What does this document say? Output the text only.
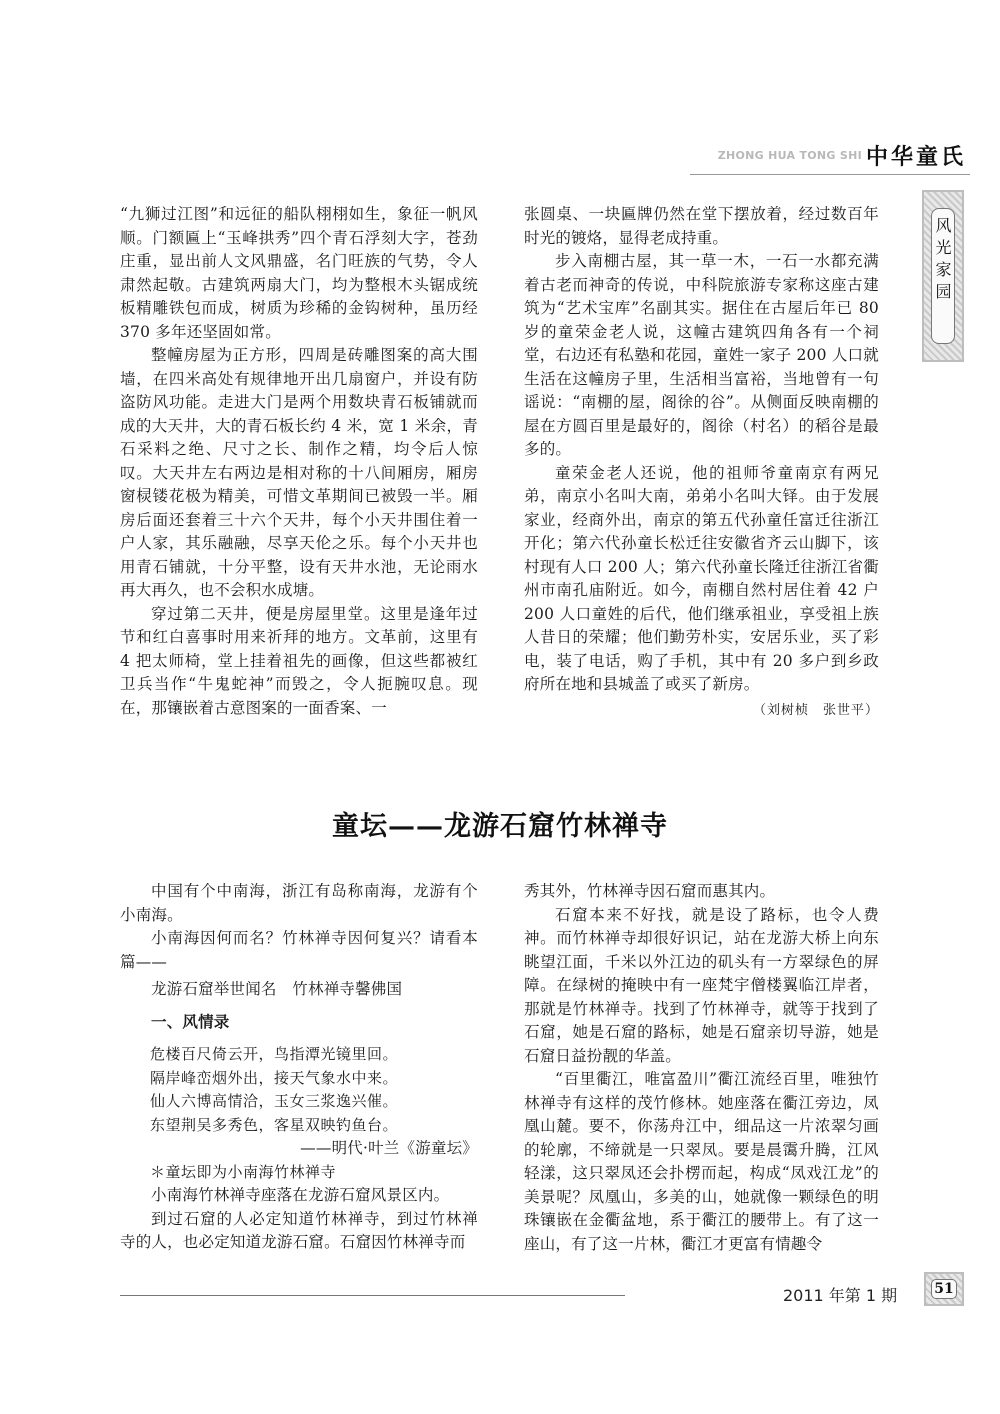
ZHONG HUA TONG SHI 中华童氏
风光家园

“九狮过江图”和远征的船队栩栩如生，象征一帆风顺。门额匾上“玉峰拱秀”四个青石浮刻大字，苍劲庄重，显出前人文风鼎盛，名门旺族的气势，令人肃然起敬。古建筑两扇大门，均为整根木头锯成统板精雕铁包而成，树质为珍稀的金钩树种，虽历经 370 多年还坚固如常。

整幢房屋为正方形，四周是砖雕图案的高大围墙，在四米高处有规律地开出几扇窗户，并设有防盗防风功能。走进大门是两个用数块青石板铺就而成的大天井，大的青石板长约 4 米，宽 1 米余，青石采料之绝、尺寸之长、制作之精，均令后人惊叹。大天井左右两边是相对称的十八间厢房，厢房窗棂镂花极为精美，可惜文革期间已被毁一半。厢房后面还套着三十六个天井，每个小天井围住着一户人家，其乐融融，尽享天伦之乐。每个小天井也用青石铺就，十分平整，设有天井水池，无论雨水再大再久，也不会积水成塘。

穿过第二天井，便是房屋里堂。这里是逢年过节和红白喜事时用来祈拜的地方。文革前，这里有 4 把太师椅，堂上挂着祖先的画像，但这些都被红卫兵当作“牛鬼蛇神”而毁之，令人扼腕叹息。现在，那镶嵌着古意图案的一面香案、一

张圆桌、一块匾牌仍然在堂下摆放着，经过数百年时光的镀烙，显得老成持重。

步入南棚古屋，其一草一木，一石一水都充满着古老而神奇的传说，中科院旅游专家称这座古建筑为“艺术宝库”名副其实。据住在古屋后年已 80 岁的童荣金老人说，这幢古建筑四角各有一个祠堂，右边还有私塾和花园，童姓一家子 200 人口就生活在这幢房子里，生活相当富裕，当地曾有一句谣说：“南棚的屋，阁徐的谷”。从侧面反映南棚的屋在方圆百里是最好的，阁徐（村名）的稻谷是最多的。

童荣金老人还说，他的祖师爷童南京有两兄弟，南京小名叫大南，弟弟小名叫大铎。由于发展家业，经商外出，南京的第五代孙童任富迁往浙江开化；第六代孙童长松迁往安徽省齐云山脚下，该村现有人口 200 人；第六代孙童长隆迁往浙江省衢州市南孔庙附近。如今，南棚自然村居住着 42 户 200 人口童姓的后代，他们继承祖业，享受祖上族人昔日的荣耀；他们勤劳朴实，安居乐业，买了彩电，装了电话，购了手机，其中有 20 多户到乡政府所在地和县城盖了或买了新房。

（刘树桢　张世平）

童坛——龙游石窟竹林禅寺

中国有个中南海，浙江有岛称南海，龙游有个小南海。

小南海因何而名？竹林禅寺因何复兴？请看本篇——

龙游石窟举世闻名　竹林禅寺馨佛国

一、风情录

危楼百尺倚云开，鸟指潭光镜里回。

隔岸峰峦烟外出，接天气象水中来。

仙人六博高情洽，玉女三浆逸兴催。

东望荆吴多秀色，客星双映钓鱼台。

——明代·叶兰《游童坛》

＊童坛即为小南海竹林禅寺

小南海竹林禅寺座落在龙游石窟风景区内。

到过石窟的人必定知道竹林禅寺，到过竹林禅寺的人，也必定知道龙游石窟。石窟因竹林禅寺而

秀其外，竹林禅寺因石窟而惠其内。

石窟本来不好找，就是设了路标，也令人费神。而竹林禅寺却很好识记，站在龙游大桥上向东眺望江面，千米以外江边的矶头有一方翠绿色的屏障。在绿树的掩映中有一座梵宇僧楼翼临江岸者，那就是竹林禅寺。找到了竹林禅寺，就等于找到了石窟，她是石窟的路标，她是石窟亲切导游，她是石窟日益扮靓的华盖。

“百里衢江，唯富盈川”衢江流经百里，唯独竹林禅寺有这样的茂竹修林。她座落在衢江旁边，凤凰山麓。要不，你荡舟江中，细品这一片浓翠匀画的轮廓，不缔就是一只翠凤。要是晨霭升腾，江风轻漾，这只翠凤还会扑楞而起，构成“凤戏江龙”的美景呢？凤凰山，多美的山，她就像一颗绿色的明珠镶嵌在金衢盆地，系于衢江的腰带上。有了这一座山，有了这一片林，衢江才更富有情趣令

2011 年第 1 期	51
